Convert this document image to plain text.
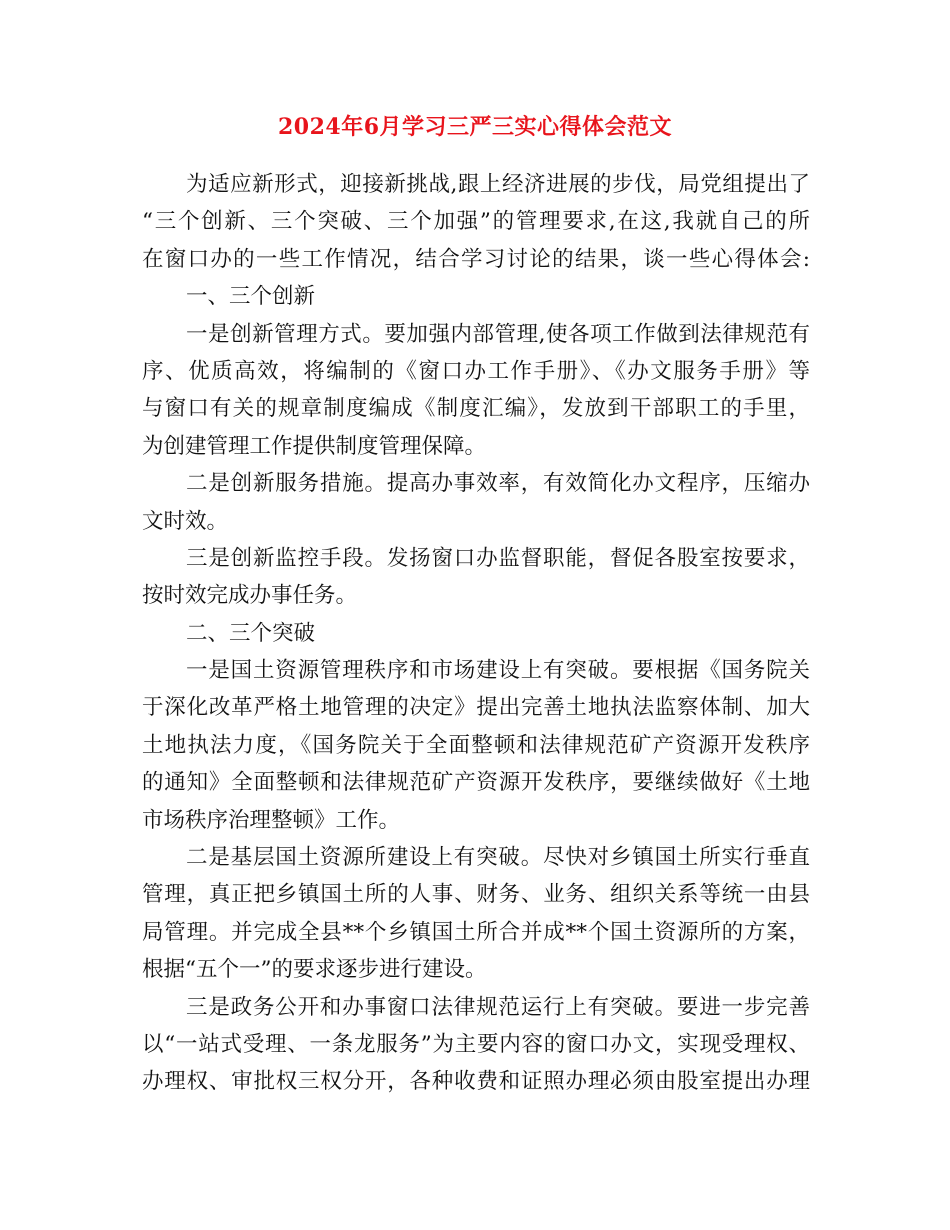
2024年6月学习三严三实心得体会范文
为适应新形式，迎接新挑战,跟上经济进展的步伐，局党组提出了
“三个创新、三个突破、三个加强”的管理要求,在这,我就自己的所
在窗口办的一些工作情况，结合学习讨论的结果，谈一些心得体会:
一、三个创新
一是创新管理方式。要加强内部管理,使各项工作做到法律规范有
序、优质高效，将编制的《窗口办工作手册》、《办文服务手册》等
与窗口有关的规章制度编成《制度汇编》，发放到干部职工的手里，
为创建管理工作提供制度管理保障。
二是创新服务措施。提高办事效率，有效简化办文程序，压缩办
文时效。
三是创新监控手段。发扬窗口办监督职能，督促各股室按要求，
按时效完成办事任务。
二、三个突破
一是国土资源管理秩序和市场建设上有突破。要根据《国务院关
于深化改革严格土地管理的决定》提出完善土地执法监察体制、加大
土地执法力度，《国务院关于全面整顿和法律规范矿产资源开发秩序
的通知》全面整顿和法律规范矿产资源开发秩序，要继续做好《土地
市场秩序治理整顿》工作。
二是基层国土资源所建设上有突破。尽快对乡镇国土所实行垂直
管理，真正把乡镇国土所的人事、财务、业务、组织关系等统一由县
局管理。并完成全县**个乡镇国土所合并成**个国土资源所的方案，
根据“五个一”的要求逐步进行建设。
三是政务公开和办事窗口法律规范运行上有突破。要进一步完善
以“一站式受理、一条龙服务”为主要内容的窗口办文，实现受理权、
办理权、审批权三权分开，各种收费和证照办理必须由股室提出办理
